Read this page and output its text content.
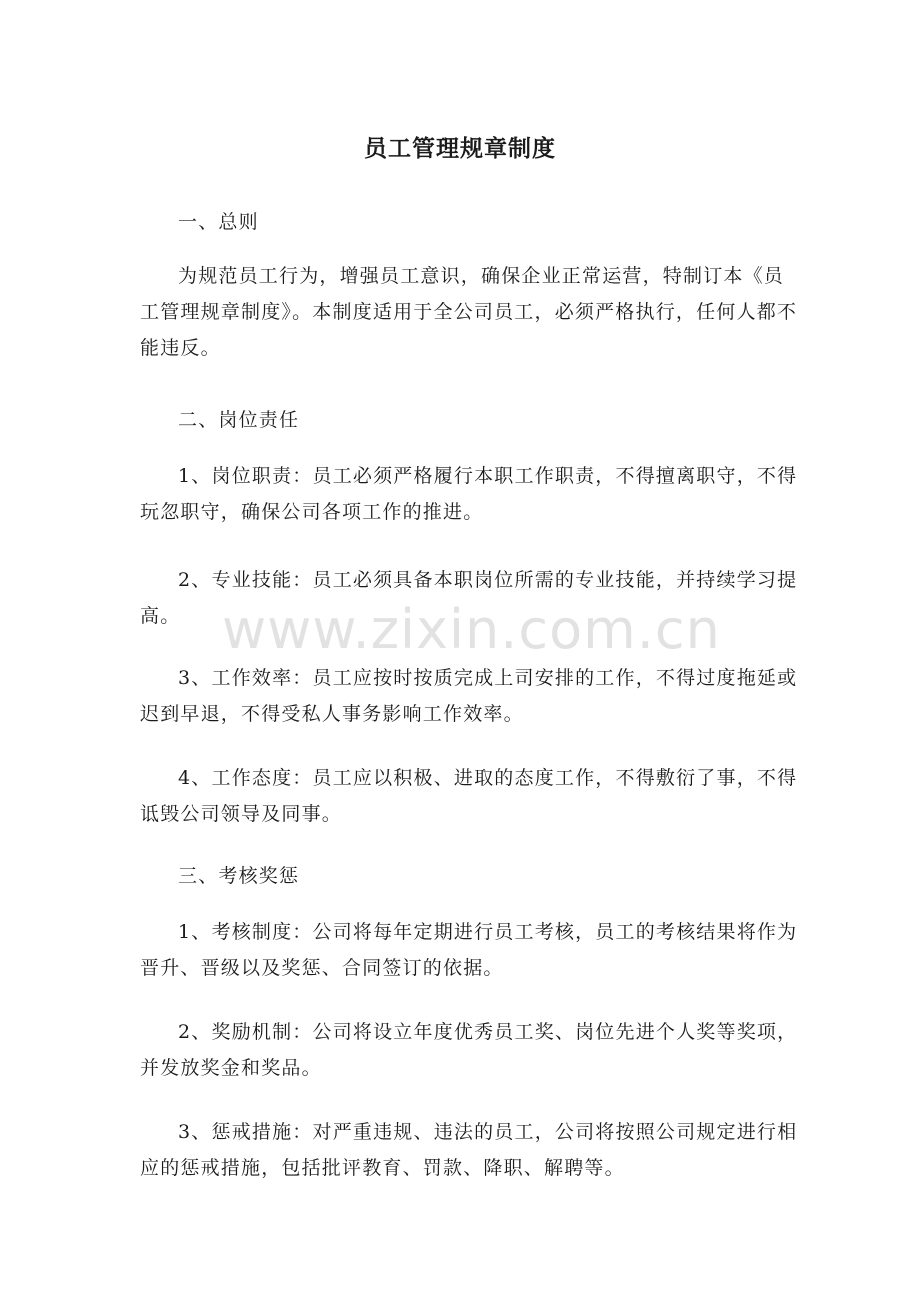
员工管理规章制度

一、总则

为规范员工行为，增强员工意识，确保企业正常运营，特制订本《员工管理规章制度》。本制度适用于全公司员工，必须严格执行，任何人都不能违反。

二、岗位责任

1、岗位职责：员工必须严格履行本职工作职责，不得擅离职守，不得玩忽职守，确保公司各项工作的推进。

2、专业技能：员工必须具备本职岗位所需的专业技能，并持续学习提高。

3、工作效率：员工应按时按质完成上司安排的工作，不得过度拖延或迟到早退，不得受私人事务影响工作效率。

4、工作态度：员工应以积极、进取的态度工作，不得敷衍了事，不得诋毁公司领导及同事。

三、考核奖惩

1、考核制度：公司将每年定期进行员工考核，员工的考核结果将作为晋升、晋级以及奖惩、合同签订的依据。

2、奖励机制：公司将设立年度优秀员工奖、岗位先进个人奖等奖项，并发放奖金和奖品。

3、惩戒措施：对严重违规、违法的员工，公司将按照公司规定进行相应的惩戒措施，包括批评教育、罚款、降职、解聘等。

www.zixin.com.cn
